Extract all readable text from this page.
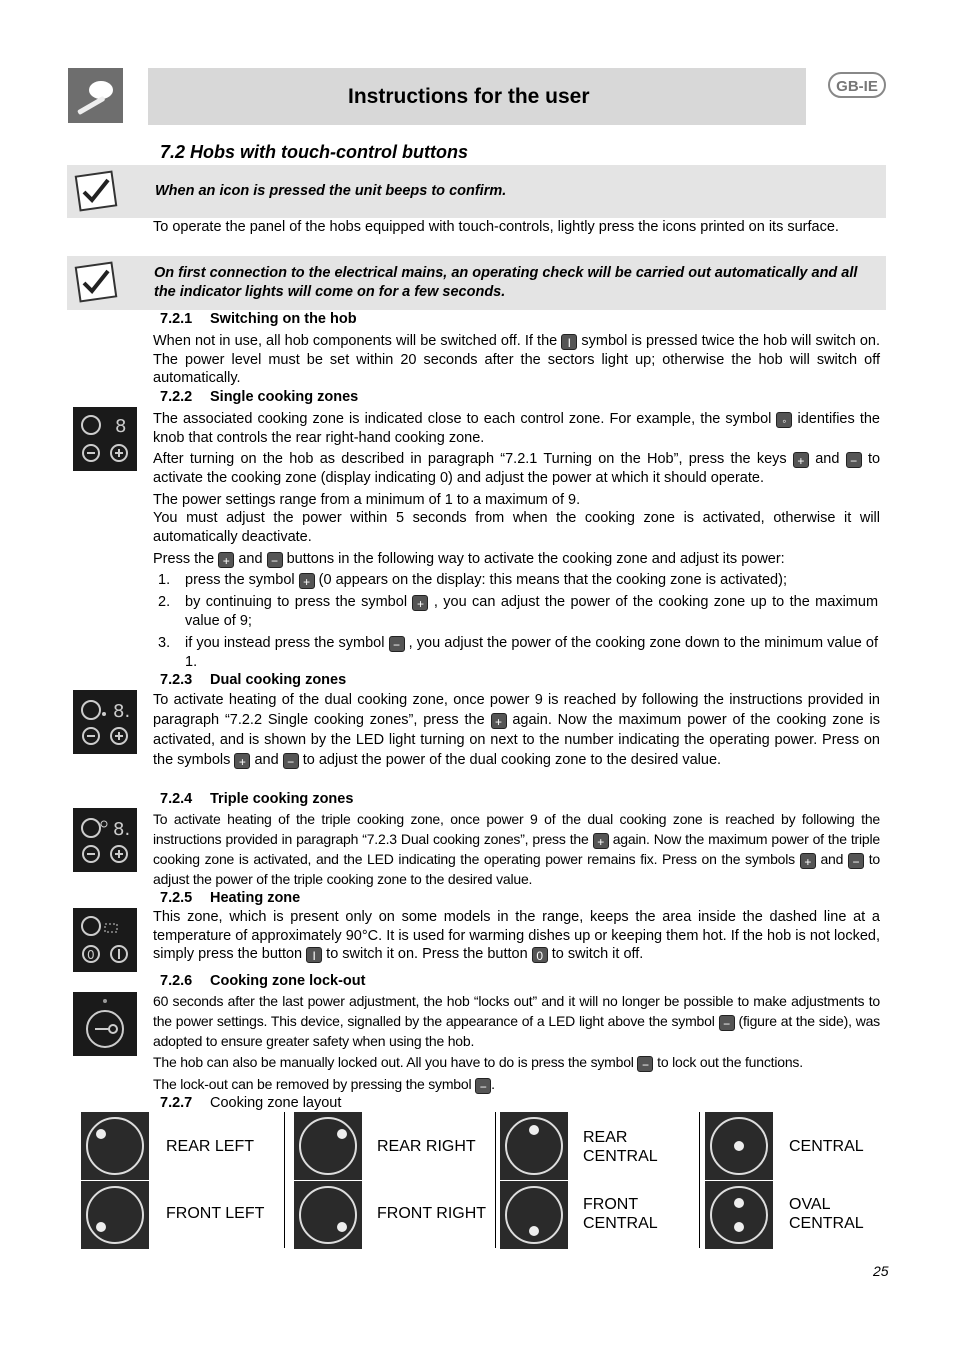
Instructions for the user	GB-IE
7.2 Hobs with touch-control buttons
When an icon is pressed the unit beeps to confirm.
To operate the panel of the hobs equipped with touch-controls, lightly press the icons printed on its surface.
On first connection to the electrical mains, an operating check will be carried out automatically and all the indicator lights will come on for a few seconds.
7.2.1 Switching on the hob
When not in use, all hob components will be switched off. If the I symbol is pressed twice the hob will switch on. The power level must be set within 20 seconds after the sectors light up; otherwise the hob will switch off automatically.
7.2.2 Single cooking zones
8 The associated cooking zone is indicated close to each control zone. For example, the symbol ◦ identifies the knob that controls the rear right-hand cooking zone.
After turning on the hob as described in paragraph “7.2.1 Turning on the Hob”, press the keys + and − to activate the cooking zone (display indicating 0) and adjust the power at which it should operate.
The power settings range from a minimum of 1 to a maximum of 9.
You must adjust the power within 5 seconds from when the cooking zone is activated, otherwise it will automatically deactivate.
Press the + and − buttons in the following way to activate the cooking zone and adjust its power:
1. press the symbol + (0 appears on the display: this means that the cooking zone is activated);
2. by continuing to press the symbol + , you can adjust the power of the cooking zone up to the maximum value of 9;
3. if you instead press the symbol − , you adjust the power of the cooking zone down to the minimum value of 1.
7.2.3 Dual cooking zones
8.
To activate heating of the dual cooking zone, once power 9 is reached by following the instructions provided in paragraph “7.2.2 Single cooking zones”, press the + again. Now the maximum power of the cooking zone is activated, and is shown by the LED light turning on next to the number indicating the operating power. Press on the symbols + and − to adjust the power of the dual cooking zone to the desired value.
7.2.4 Triple cooking zones
8. To activate heating of the triple cooking zone, once power 9 of the dual cooking zone is reached by following the instructions provided in paragraph “7.2.3 Dual cooking zones”, press the + again. Now the maximum power of the triple cooking zone is activated, and the LED indicating the operating power remains fix. Press on the symbols + and − to adjust the power of the triple cooking zone to the desired value.
7.2.5 Heating zone
0
This zone, which is present only on some models in the range, keeps the area inside the dashed line at a temperature of approximately 90°C. It is used for warming dishes up or keeping them hot. If the hob is not locked, simply press the button I to switch it on. Press the button 0 to switch it off.
7.2.6 Cooking zone lock-out
60 seconds after the last power adjustment, the hob “locks out” and it will no longer be possible to make adjustments to the power settings. This device, signalled by the appearance of a LED light above the symbol − (figure at the side), was adopted to ensure greater safety when using the hob.
The hob can also be manually locked out. All you have to do is press the symbol − to lock out the functions.
The lock-out can be removed by pressing the symbol − .
7.2.7 Cooking zone layout
REAR LEFT
FRONT LEFT
REAR RIGHT
FRONT RIGHT
REAR CENTRAL
FRONT CENTRAL
CENTRAL
OVAL CENTRAL
25
